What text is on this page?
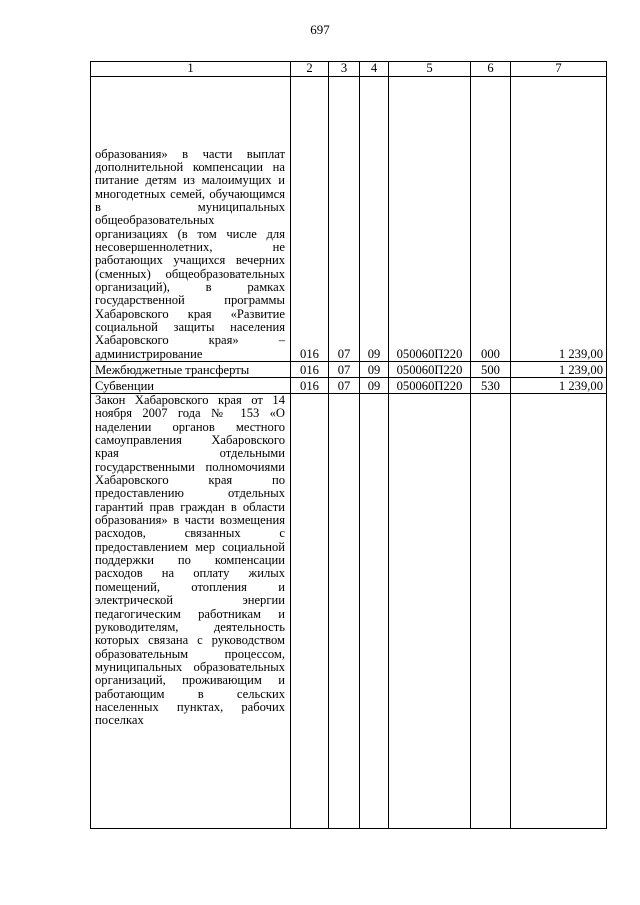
697
1	2	3	4	5	6	7
образования» в части выплат дополнительной компенсации на питание детям из малоимущих и многодетных семей, обучающимся в муниципальных общеобразовательных организациях (в том числе для несовершеннолетних, не работающих учащихся вечерних (сменных) общеобразовательных организаций), в рамках государственной программы Хабаровского края «Развитие социальной защиты населения Хабаровского края» – администрирование	016	07	09	050060П220	000	1 239,00
Межбюджетные трансферты	016	07	09	050060П220	500	1 239,00
Субвенции	016	07	09	050060П220	530	1 239,00
Закон Хабаровского края от 14 ноября 2007 года № 153 «О наделении органов местного самоуправления Хабаровского края отдельными государственными полномочиями Хабаровского края по предоставлению отдельных гарантий прав граждан в области образования» в части возмещения расходов, связанных с предоставлением мер социальной поддержки по компенсации расходов на оплату жилых помещений, отопления и электрической энергии педагогическим работникам и руководителям, деятельность которых связана с руководством образовательным процессом, муниципальных образовательных организаций, проживающим и работающим в сельских населенных пунктах, рабочих поселках						
